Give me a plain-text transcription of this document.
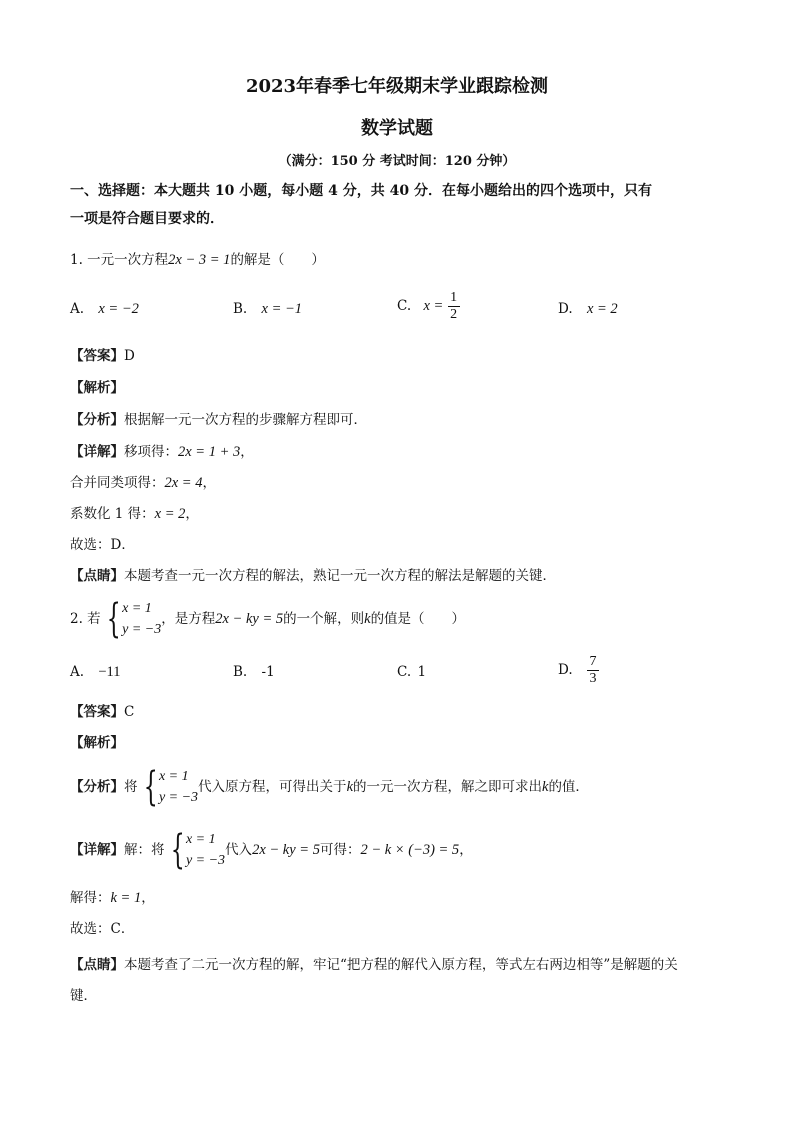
2023年春季七年级期末学业跟踪检测
数学试题
（满分：150 分 考试时间：120 分钟）
一、选择题：本大题共 10 小题，每小题 4 分，共 40 分．在每小题给出的四个选项中，只有
一项是符合题目要求的．
1. 一元一次方程2x − 3 = 1的解是（　　）
A. x = −2	B. x = −1	C. $x = \frac{1}{2}$	D. x = 2
【答案】D
【解析】
【分析】根据解一元一次方程的步骤解方程即可．
【详解】移项得：2x = 1 + 3，
合并同类项得：2x = 4，
系数化 1 得：x = 2，
故选：D．
【点睛】本题考查一元一次方程的解法，熟记一元一次方程的解法是解题的关键．
2. 若 { x = 1
y = −3
，是方程 2x − ky = 5 的一个解，则 k 的值是（　　）
A. −11	B. -1	C. 1	D. $\frac{7}{3}$
【答案】C
【解析】
【分析】 将 { x = 1
y = −3
代入原方程，可得出关于 k 的一元一次方程，解之即可求出 k 的值．
【详解】 解：将 { x = 1
y = −3
代入 2x − ky = 5 可得： 2 − k × (−3) = 5 ，
解得：k = 1，
故选：C．
【点睛】本题考查了二元一次方程的解，牢记“把方程的解代入原方程，等式左右两边相等”是解题的关
键．
